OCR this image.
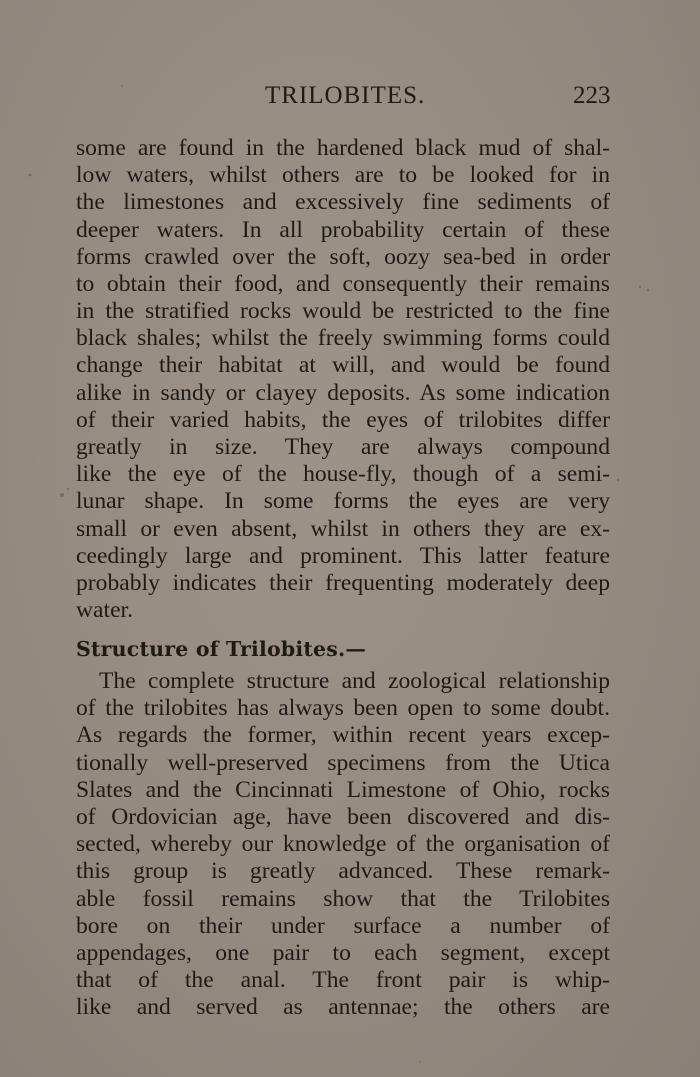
TRILOBITES.	223
some are found in the hardened black mud of shal-
low waters, whilst others are to be looked for in
the limestones and excessively fine sediments of
deeper waters. In all probability certain of these
forms crawled over the soft, oozy sea-bed in order
to obtain their food, and consequently their remains
in the stratified rocks would be restricted to the fine
black shales; whilst the freely swimming forms could
change their habitat at will, and would be found
alike in sandy or clayey deposits. As some indication
of their varied habits, the eyes of trilobites differ
greatly in size. They are always compound
like the eye of the house-fly, though of a semi-
lunar shape. In some forms the eyes are very
small or even absent, whilst in others they are ex-
ceedingly large and prominent. This latter feature
probably indicates their frequenting moderately deep
water.
Structure of Trilobites.—
The complete structure and zoological relationship
of the trilobites has always been open to some doubt.
As regards the former, within recent years excep-
tionally well-preserved specimens from the Utica
Slates and the Cincinnati Limestone of Ohio, rocks
of Ordovician age, have been discovered and dis-
sected, whereby our knowledge of the organisation of
this group is greatly advanced. These remark-
able fossil remains show that the Trilobites
bore on their under surface a number of
appendages, one pair to each segment, except
that of the anal. The front pair is whip-
like and served as antennae; the others are
